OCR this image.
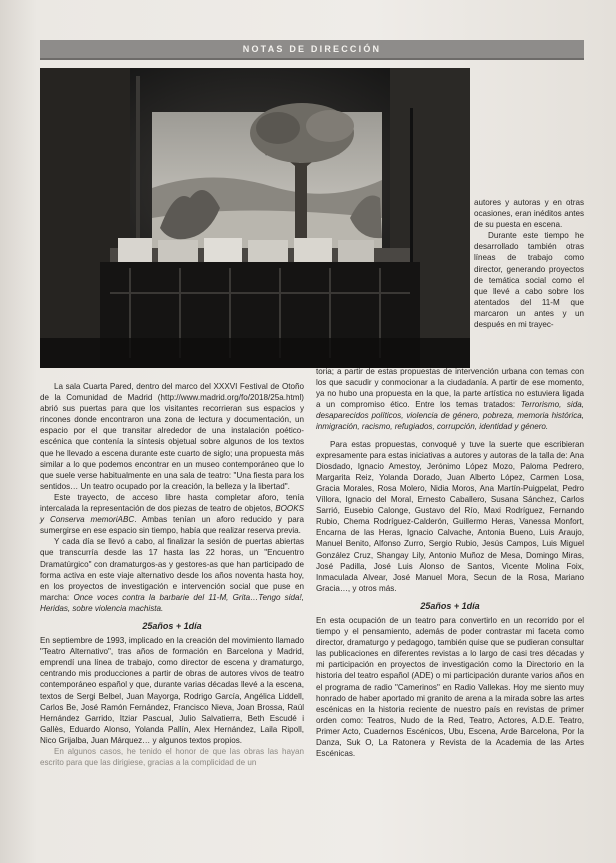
NOTAS DE DIRECCIÓN

autores y autoras y en otras ocasiones, eran inéditos antes de su puesta en escena.

Durante este tiempo he desarrollado también otras líneas de trabajo como director, generando proyectos de temática social como el que llevé a cabo sobre los atentados del 11-M que marcaron un antes y un después en mi trayec-

La sala Cuarta Pared, dentro del marco del XXXVI Festival de Otoño de la Comunidad de Madrid (http://www.madrid.org/fo/2018/25a.html) abrió sus puertas para que los visitantes recorrieran sus espacios y rincones donde encontraron una zona de lectura y documentación, un espacio por el que transitar alrededor de una instalación poético-escénica que contenía la síntesis objetual sobre algunos de los textos que he llevado a escena durante este cuarto de siglo; una propuesta más similar a lo que podemos encontrar en un museo contemporáneo que lo que suele verse habitualmente en una sala de teatro: "Una fiesta para los sentidos… Un teatro ocupado por la creación, la belleza y la libertad".

Este trayecto, de acceso libre hasta completar aforo, tenía intercalada la representación de dos piezas de teatro de objetos, BOOKS y Conserva memoriABC. Ambas tenían un aforo reducido y para sumergirse en ese espacio sin tiempo, había que realizar reserva previa.

Y cada día se llevó a cabo, al finalizar la sesión de puertas abiertas que transcurría desde las 17 hasta las 22 horas, un "Encuentro Dramatúrgico" con dramaturgos-as y gestores-as que han participado de forma activa en este viaje alternativo desde los años noventa hasta hoy, en los proyectos de investigación e intervención social que puse en marcha: Once voces contra la barbarie del 11-M, Grita…Tengo sida!, Heridas, sobre violencia machista.

25años + 1día

En septiembre de 1993, implicado en la creación del movimiento llamado "Teatro Alternativo", tras años de formación en Barcelona y Madrid, emprendí una línea de trabajo, como director de escena y dramaturgo, centrando mis producciones a partir de obras de autores vivos de teatro contemporáneo español y que, durante varias décadas llevé a la escena, textos de Sergi Belbel, Juan Mayorga, Rodrigo García, Angélica Liddell, Carlos Be, José Ramón Fernández, Francisco Nieva, Joan Brossa, Raúl Hernández Garrido, Itziar Pascual, Julio Salvatierra, Beth Escudé i Gallès, Eduardo Alonso, Yolanda Pallín, Alex Hernández, Laila Ripoll, Nico Grijalba, Juan Márquez… y algunos textos propios.

En algunos casos, he tenido el honor de que las obras las hayan escrito para que las dirigiese, gracias a la complicidad de un

toria; a partir de estas propuestas de intervención urbana con temas con los que sacudir y conmocionar a la ciudadanía. A partir de ese momento, ya no hubo una propuesta en la que, la parte artística no estuviera ligada a un compromiso ético. Entre los temas tratados: Terrorismo, sida, desaparecidos políticos, violencia de género, pobreza, memoria histórica, inmigración, racismo, refugiados, corrupción, identidad y género.

Para estas propuestas, convoqué y tuve la suerte que escribieran expresamente para estas iniciativas a autores y autoras de la talla de: Ana Diosdado, Ignacio Amestoy, Jerónimo López Mozo, Paloma Pedrero, Margarita Reiz, Yolanda Dorado, Juan Alberto López, Carmen Losa, Gracia Morales, Rosa Molero, Nidia Moros, Ana Martín-Puigpelat, Pedro Víllora, Ignacio del Moral, Ernesto Caballero, Susana Sánchez, Carlos Sarrió, Eusebio Calonge, Gustavo del Río, Maxi Rodríguez, Fernando Rubio, Chema Rodríguez-Calderón, Guillermo Heras, Vanessa Monfort, Encarna de las Heras, Ignacio Calvache, Antonia Bueno, Luis Araujo, Manuel Benito, Alfonso Zurro, Sergio Rubio, Jesús Campos, Luis Miguel González Cruz, Shangay Lily, Antonio Muñoz de Mesa, Domingo Miras, José Padilla, José Luis Alonso de Santos, Vicente Molina Foix, Inmaculada Alvear, José Manuel Mora, Secun de la Rosa, Mariano Gracia…, y otros más.

25años + 1día

En esta ocupación de un teatro para convertirlo en un recorrido por el tiempo y el pensamiento, además de poder contrastar mi faceta como director, dramaturgo y pedagogo, también quise que se pudieran consultar las publicaciones en diferentes revistas a lo largo de casi tres décadas y mi participación en proyectos de investigación como la Directorio en la historia del teatro español (ADE) o mi participación durante varios años en el programa de radio "Camerinos" en Radio Vallekas. Hoy me siento muy honrado de haber aportado mi granito de arena a la mirada sobre las artes escénicas en la historia reciente de nuestro país en revistas de primer orden como: Teatros, Nudo de la Red, Teatro, Actores, A.D.E. Teatro, Primer Acto, Cuadernos Escénicos, Ubu, Escena, Arde Barcelona, Por la Danza, Suk O, La Ratonera y Revista de la Academia de las Artes Escénicas.
